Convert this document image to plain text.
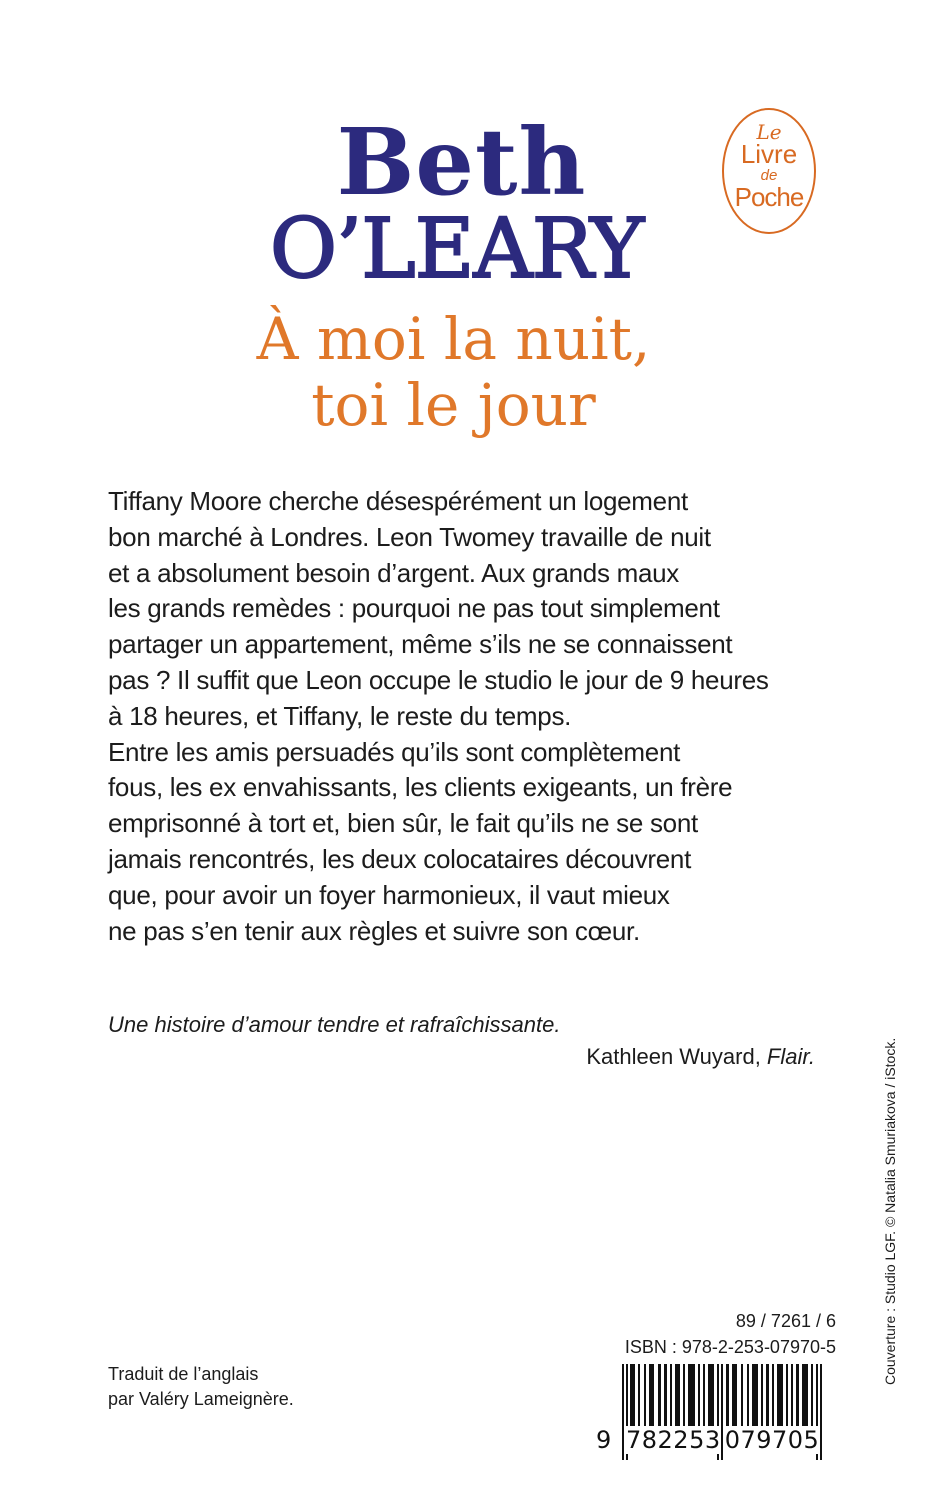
Beth
O’LEARY
À moi la nuit,
toi le jour
Le
Livre
de
Poche
Tiffany Moore cherche désespérément un logement
bon marché à Londres. Leon Twomey travaille de nuit
et a absolument besoin d’argent. Aux grands maux
les grands remèdes : pourquoi ne pas tout simplement
partager un appartement, même s’ils ne se connaissent
pas ? Il suffit que Leon occupe le studio le jour de 9 heures
à 18 heures, et Tiffany, le reste du temps.
Entre les amis persuadés qu’ils sont complètement
fous, les ex envahissants, les clients exigeants, un frère
emprisonné à tort et, bien sûr, le fait qu’ils ne se sont
jamais rencontrés, les deux colocataires découvrent
que, pour avoir un foyer harmonieux, il vaut mieux
ne pas s’en tenir aux règles et suivre son cœur.
Une histoire d’amour tendre et rafraîchissante.
Kathleen Wuyard, Flair.	Couverture : Studio LGF. © Natalia Smuriakova / iStock.
Traduit de l’anglais
par Valéry Lameignère.
89 / 7261 / 6
ISBN : 978-2-253-07970-5
9 782253 079705
